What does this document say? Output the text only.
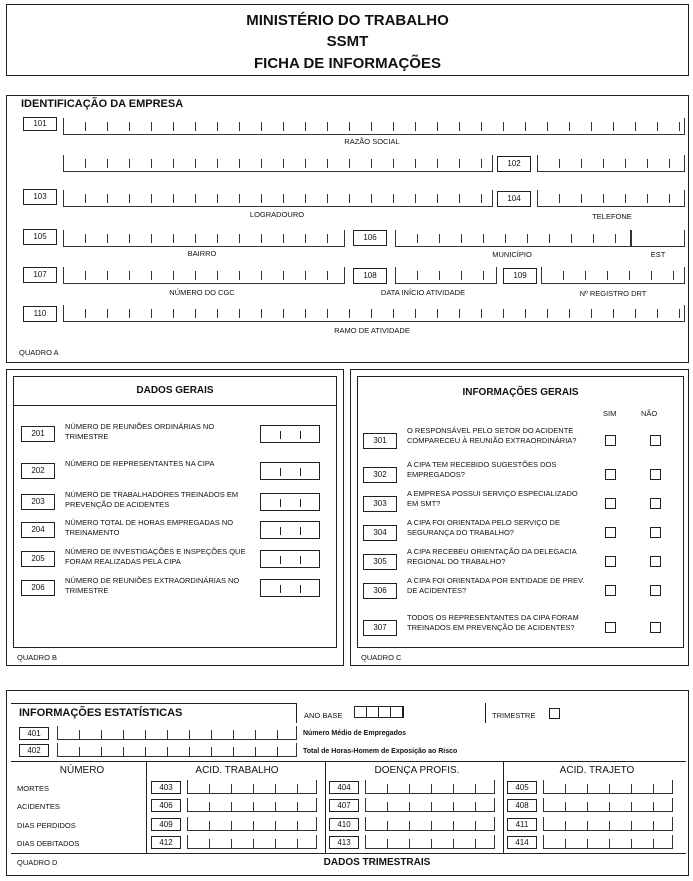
MINISTÉRIO DO TRABALHO
SSMT
FICHA DE INFORMAÇÕES
IDENTIFICAÇÃO DA EMPRESA
101
RAZÃO SOCIAL
102
103	104
LOGRADOURO	TELEFONE
105	106
BAIRRO	MUNICÍPIO	EST
107	108	109
NÚMERO DO CGC	DATA INÍCIO ATIVIDADE	Nº REGISTRO DRT
110
RAMO DE ATIVIDADE
QUADRO A
DADOS GERAIS
201
NÚMERO DE REUNIÕES ORDINÁRIAS NO TRIMESTRE
202
NÚMERO DE REPRESENTANTES NA CIPA
203
NÚMERO DE TRABALHADORES TREINADOS EM PREVENÇÃO DE ACIDENTES
204
NÚMERO TOTAL DE HORAS EMPREGADAS NO TREINAMENTO
205
NÚMERO DE INVESTIGAÇÕES E INSPEÇÕES QUE FORAM REALIZADAS PELA CIPA
206
NÚMERO DE REUNIÕES EXTRAORDINÁRIAS NO TRIMESTRE
QUADRO B
INFORMAÇÕES GERAIS
SIM	NÃO
301
O RESPONSÁVEL PELO SETOR DO ACIDENTE COMPARECEU À REUNIÃO EXTRAORDINÁRIA?
302
A CIPA TEM RECEBIDO SUGESTÕES DOS EMPREGADOS?
303
A EMPRESA POSSUI SERVIÇO ESPECIALIZADO EM SMT?
304
A CIPA FOI ORIENTADA PELO SERVIÇO DE SEGURANÇA DO TRABALHO?
305
A CIPA RECEBEU ORIENTAÇÃO DA DELEGACIA REGIONAL DO TRABALHO?
306
A CIPA FOI ORIENTADA POR ENTIDADE DE PREV. DE ACIDENTES?
307
TODOS OS REPRESENTANTES DA CIPA FORAM TREINADOS EM PREVENÇÃO DE ACIDENTES?
QUADRO C
INFORMAÇÕES ESTATÍSTICAS	ANO BASE	TRIMESTRE
401	Número Médio de Empregados
402	Total de Horas-Homem de Exposição ao Risco
NÚMERO	ACID. TRABALHO	DOENÇA PROFIS.	ACID. TRAJETO
MORTES	403	404	405
ACIDENTES	406	407	408
DIAS PERDIDOS	409	410	411
DIAS DEBITADOS	412	413	414
QUADRO D	DADOS TRIMESTRAIS
